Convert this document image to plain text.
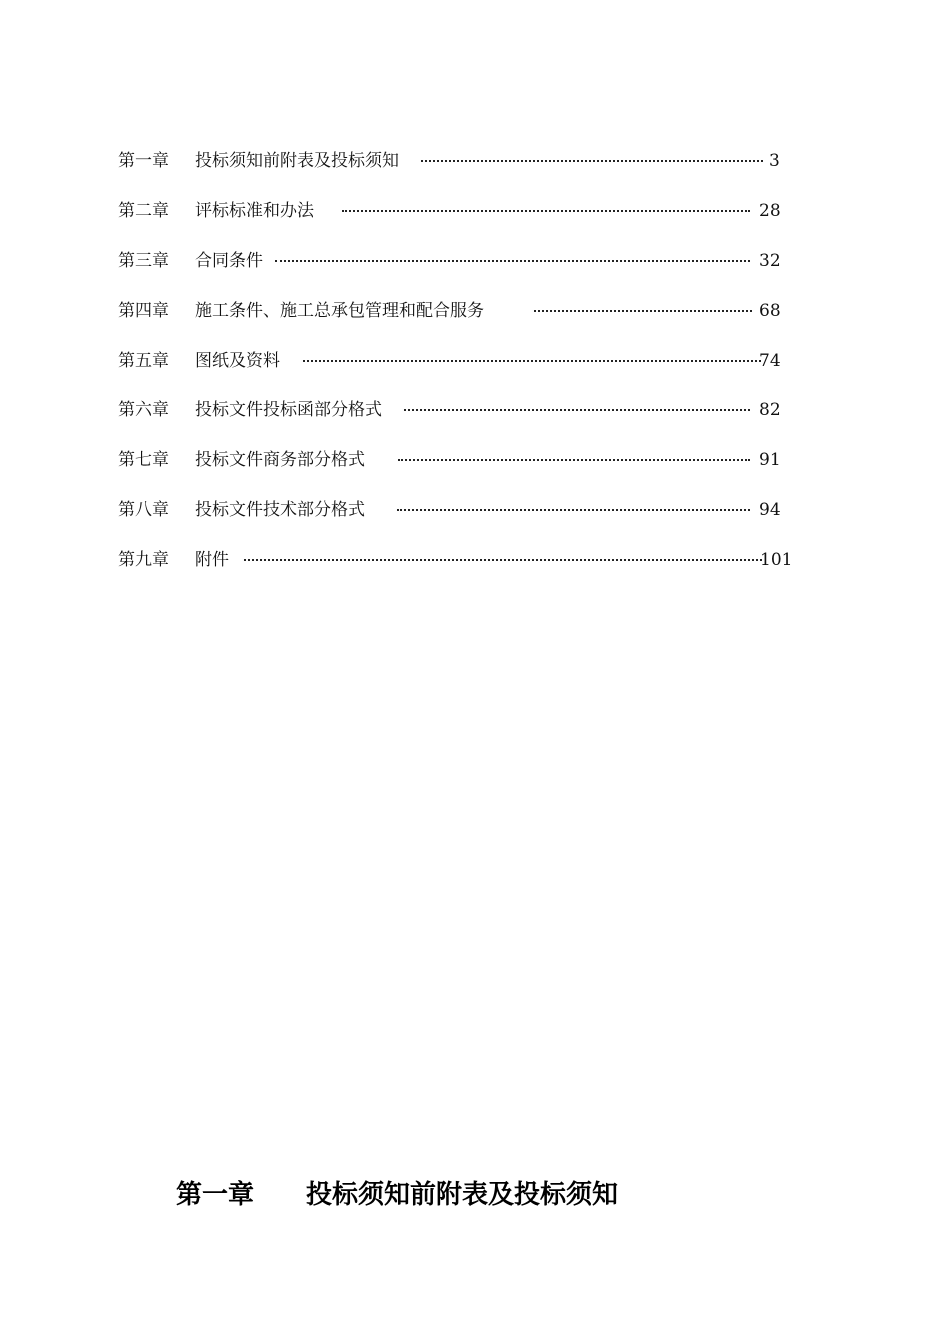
第一章 投标须知前附表及投标须知	3
第二章 评标标准和办法	28
第三章 合同条件	32
第四章 施工条件、施工总承包管理和配合服务	68
第五章 图纸及资料	74
第六章 投标文件投标函部分格式	82
第七章 投标文件商务部分格式	91
第八章 投标文件技术部分格式	94
第九章 附件	101
第一章 投标须知前附表及投标须知
